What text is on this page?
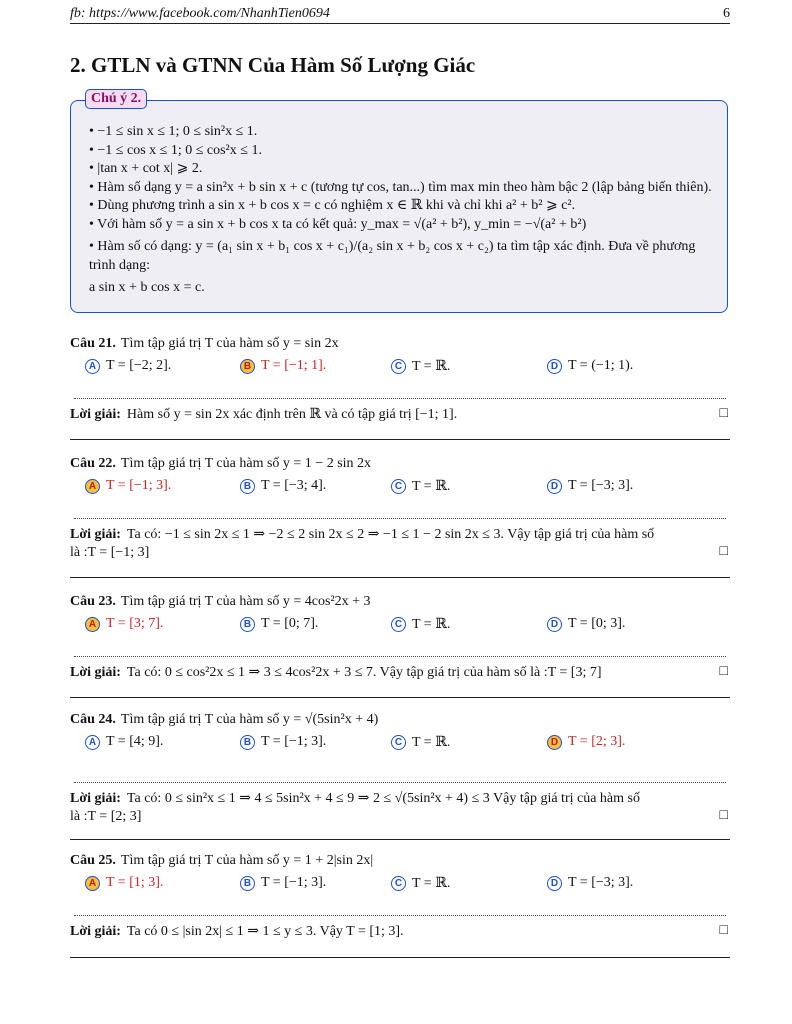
fb: https://www.facebook.com/NhanhTien0694	6
2. GTLN và GTNN Của Hàm Số Lượng Giác
Chú ý 2.
• −1 ≤ sin x ≤ 1; 0 ≤ sin²x ≤ 1.
• −1 ≤ cos x ≤ 1; 0 ≤ cos²x ≤ 1.
• |tan x + cot x| ⩾ 2.
• Hàm số dạng y = a sin²x + b sin x + c (tương tự cos, tan...) tìm max min theo hàm bậc 2 (lập bảng biến thiên).
• Dùng phương trình a sin x + b cos x = c có nghiệm x ∈ ℝ khi và chỉ khi a² + b² ⩾ c².
• Với hàm số y = a sin x + b cos x ta có kết quả: y_max = √(a² + b²), y_min = −√(a² + b²)
• Hàm số có dạng: y = (a₁ sin x + b₁ cos x + c₁)/(a₂ sin x + b₂ cos x + c₂) ta tìm tập xác định. Đưa về phương trình dạng:
a sin x + b cos x = c.
Câu 21. Tìm tập giá trị T của hàm số y = sin 2x
A T = [−2; 2].	B T = [−1; 1].	C T = ℝ.	D T = (−1; 1).
Lời giải: Hàm số y = sin 2x xác định trên ℝ và có tập giá trị [−1; 1].	□
Câu 22. Tìm tập giá trị T của hàm số y = 1 − 2 sin 2x
A T = [−1; 3].	B T = [−3; 4].	C T = ℝ.	D T = [−3; 3].
Lời giải: Ta có: −1 ≤ sin 2x ≤ 1 ⇒ −2 ≤ 2 sin 2x ≤ 2 ⇒ −1 ≤ 1 − 2 sin 2x ≤ 3. Vậy tập giá trị của hàm số
là :T = [−1; 3]	□
Câu 23. Tìm tập giá trị T của hàm số y = 4cos²2x + 3
A T = [3; 7].	B T = [0; 7].	C T = ℝ.	D T = [0; 3].
Lời giải: Ta có: 0 ≤ cos²2x ≤ 1 ⇒ 3 ≤ 4cos²2x + 3 ≤ 7. Vậy tập giá trị của hàm số là :T = [3; 7]	□
Câu 24. Tìm tập giá trị T của hàm số y = √(5sin²x + 4)
A T = [4; 9].	B T = [−1; 3].	C T = ℝ.	D T = [2; 3].
Lời giải: Ta có: 0 ≤ sin²x ≤ 1 ⇒ 4 ≤ 5sin²x + 4 ≤ 9 ⇒ 2 ≤ √(5sin²x + 4) ≤ 3 Vậy tập giá trị của hàm số
là :T = [2; 3]	□
Câu 25. Tìm tập giá trị T của hàm số y = 1 + 2|sin 2x|
A T = [1; 3].	B T = [−1; 3].	C T = ℝ.	D T = [−3; 3].
Lời giải: Ta có 0 ≤ |sin 2x| ≤ 1 ⇒ 1 ≤ y ≤ 3. Vậy T = [1; 3].	□
